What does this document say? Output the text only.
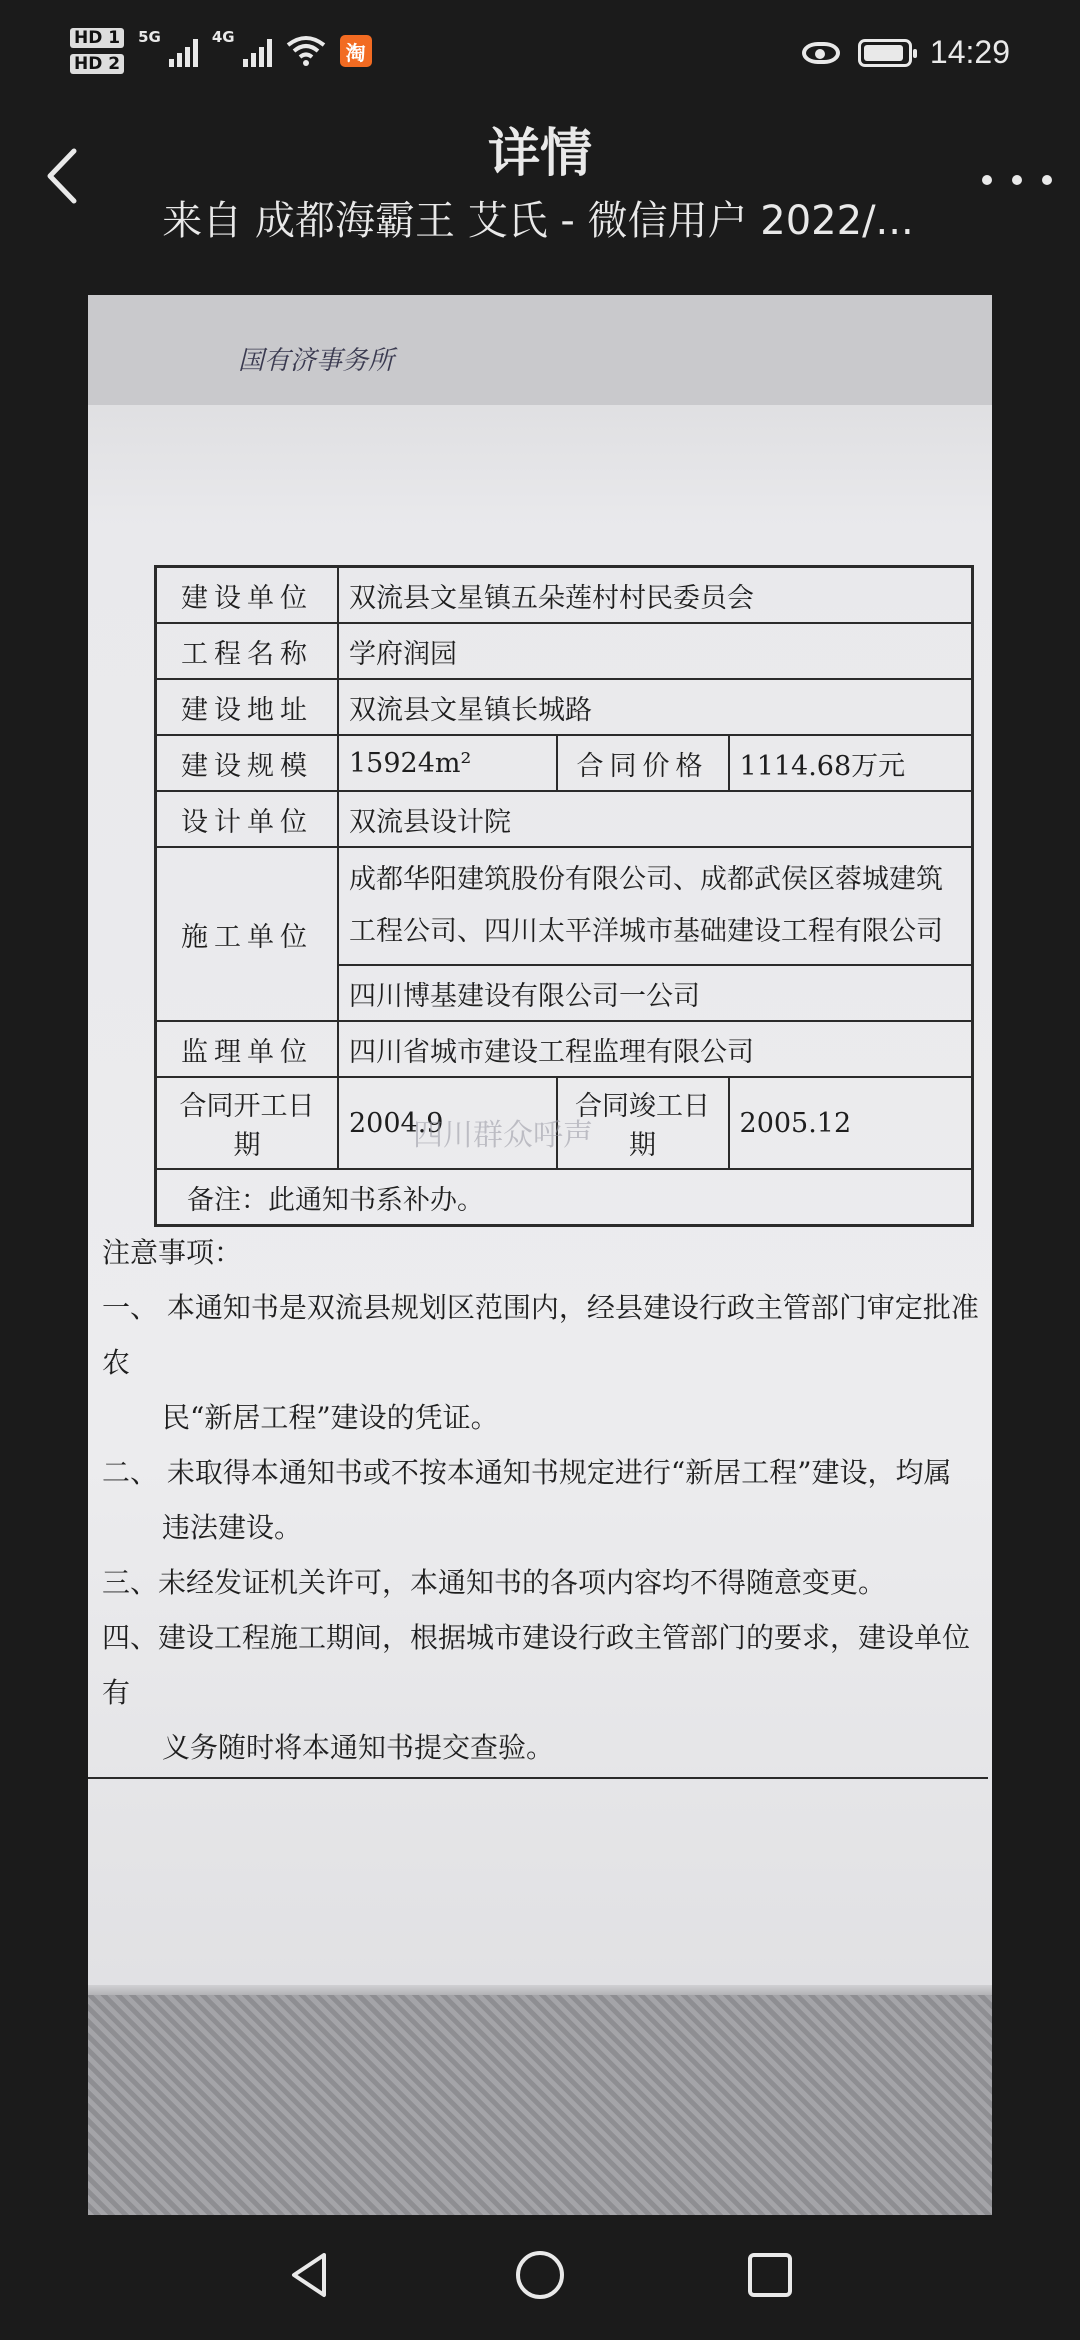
HD 1
HD 2
5G	4G
淘	14:29
详情
来自 成都海霸王 艾氏 - 微信用户 2022/...
国有济事务所
建设单位	双流县文星镇五朵莲村村民委员会		
工程名称	学府润园		
建设地址	双流县文星镇长城路		
建设规模	15924m²	合同价格	1114.68万元
设计单位	双流县设计院		
施工单位	成都华阳建筑股份有限公司、成都武侯区蓉城建筑工程公司、四川太平洋城市基础建设工程有限公司		
	四川博基建设有限公司一公司		
监理单位	四川省城市建设工程监理有限公司		
合同开工日期	2004.9	合同竣工日期	2005.12
备注：此通知书系补办。			
四川群众呼声

注意事项：

一、 本通知书是双流县规划区范围内，经县建设行政主管部门审定批准农

民“新居工程”建设的凭证。

二、 未取得本通知书或不按本通知书规定进行“新居工程”建设，均属

违法建设。

三、未经发证机关许可，本通知书的各项内容均不得随意变更。

四、建设工程施工期间，根据城市建设行政主管部门的要求，建设单位有

义务随时将本通知书提交查验。
